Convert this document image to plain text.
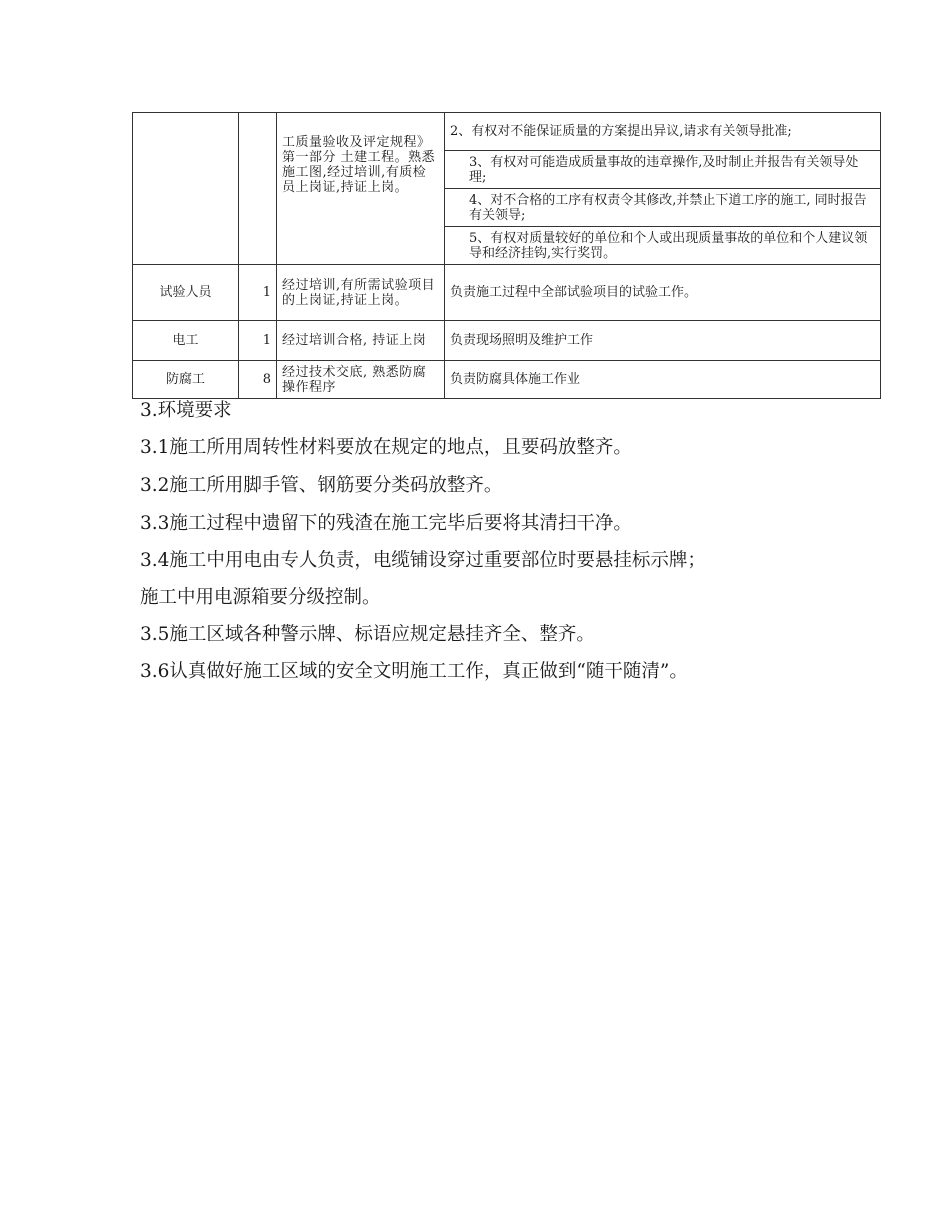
		工质量验收及评定规程》第一部分 土建工程。熟悉施工图,经过培训,有质检员上岗证,持证上岗。	2、有权对不能保证质量的方案提出异议,请求有关领导批准;
			3、有权对可能造成质量事故的违章操作,及时制止并报告有关领导处理;
			4、对不合格的工序有权责令其修改,并禁止下道工序的施工, 同时报告有关领导;
			5、有权对质量较好的单位和个人或出现质量事故的单位和个人建议领导和经济挂钩,实行奖罚。
试验人员	1	经过培训,有所需试验项目的上岗证,持证上岗。	负责施工过程中全部试验项目的试验工作。
电工	1	经过培训合格, 持证上岗	负责现场照明及维护工作
防腐工	8	经过技术交底, 熟悉防腐操作程序	负责防腐具体施工作业

3.环境要求

3.1施工所用周转性材料要放在规定的地点，且要码放整齐。

3.2施工所用脚手管、钢筋要分类码放整齐。

3.3施工过程中遗留下的残渣在施工完毕后要将其清扫干净。

3.4施工中用电由专人负责，电缆铺设穿过重要部位时要悬挂标示牌；

施工中用电源箱要分级控制。

3.5施工区域各种警示牌、标语应规定悬挂齐全、整齐。

3.6认真做好施工区域的安全文明施工工作，真正做到“随干随清”。
